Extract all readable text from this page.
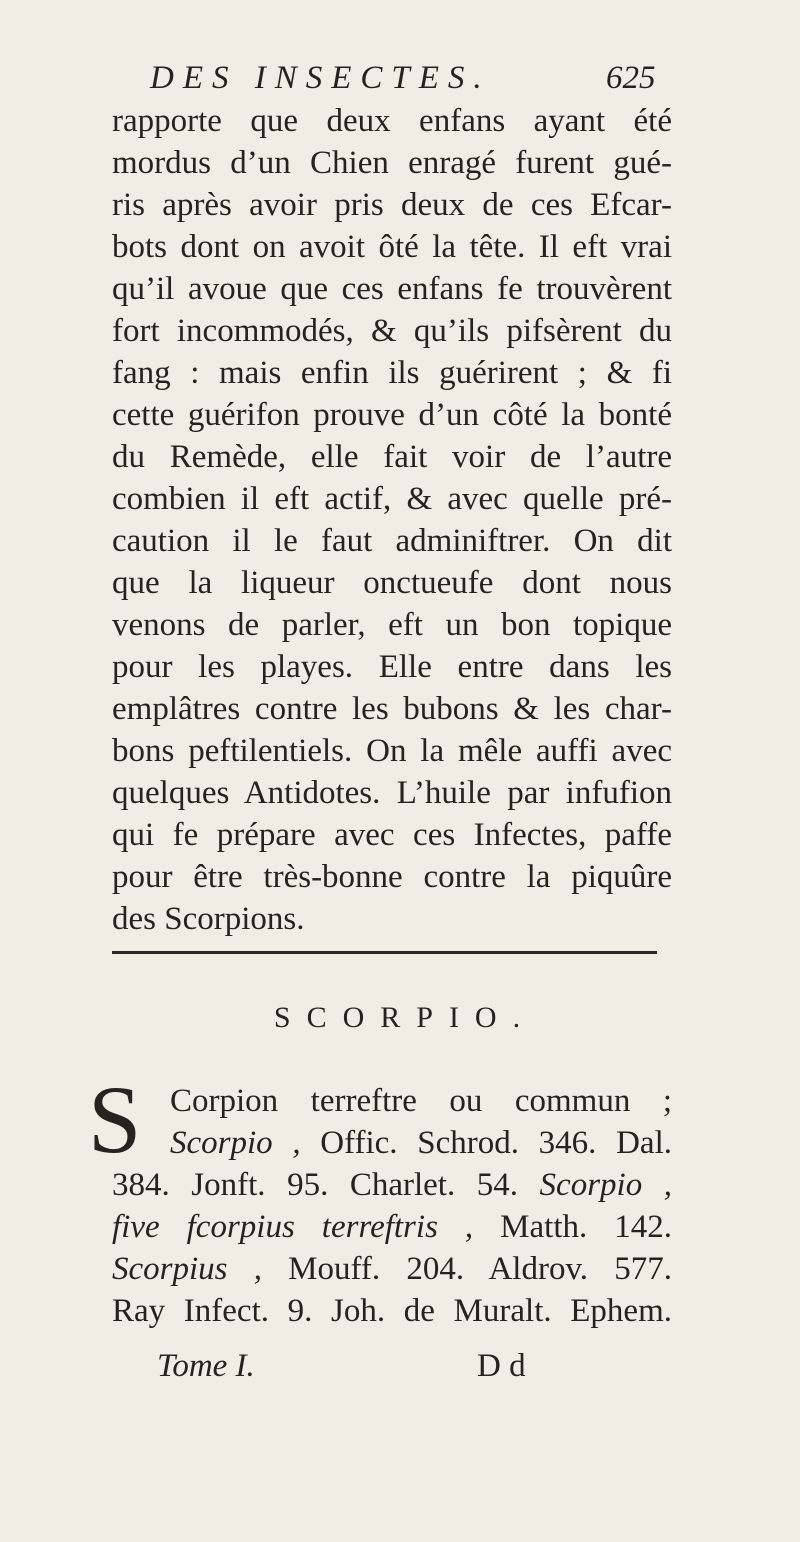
DES INSECTES.	625
rapporte que deux enfans ayant été
mordus d’un Chien enragé furent gué-
ris après avoir pris deux de ces Efcar-
bots dont on avoit ôté la tête. Il eft vrai
qu’il avoue que ces enfans fe trouvèrent
fort incommodés, & qu’ils pifsèrent du
fang : mais enfin ils guérirent ; & fi
cette guérifon prouve d’un côté la bonté
du Remède, elle fait voir de l’autre
combien il eft actif, & avec quelle pré-
caution il le faut adminiftrer. On dit
que la liqueur onctueufe dont nous
venons de parler, eft un bon topique
pour les playes. Elle entre dans les
emplâtres contre les bubons & les char-
bons peftilentiels. On la mêle auffi avec
quelques Antidotes. L’huile par infufion
qui fe prépare avec ces Infectes, paffe
pour être très-bonne contre la piquûre
des Scorpions.
SCORPIO.
S Corpion terreftre ou commun ;
Scorpio , Offic. Schrod. 346. Dal.
384. Jonft. 95. Charlet. 54. Scorpio ,
five fcorpius terreftris , Matth. 142.
Scorpius , Mouff. 204. Aldrov. 577.
Ray Infect. 9. Joh. de Muralt. Ephem.
Tome I.	D d
